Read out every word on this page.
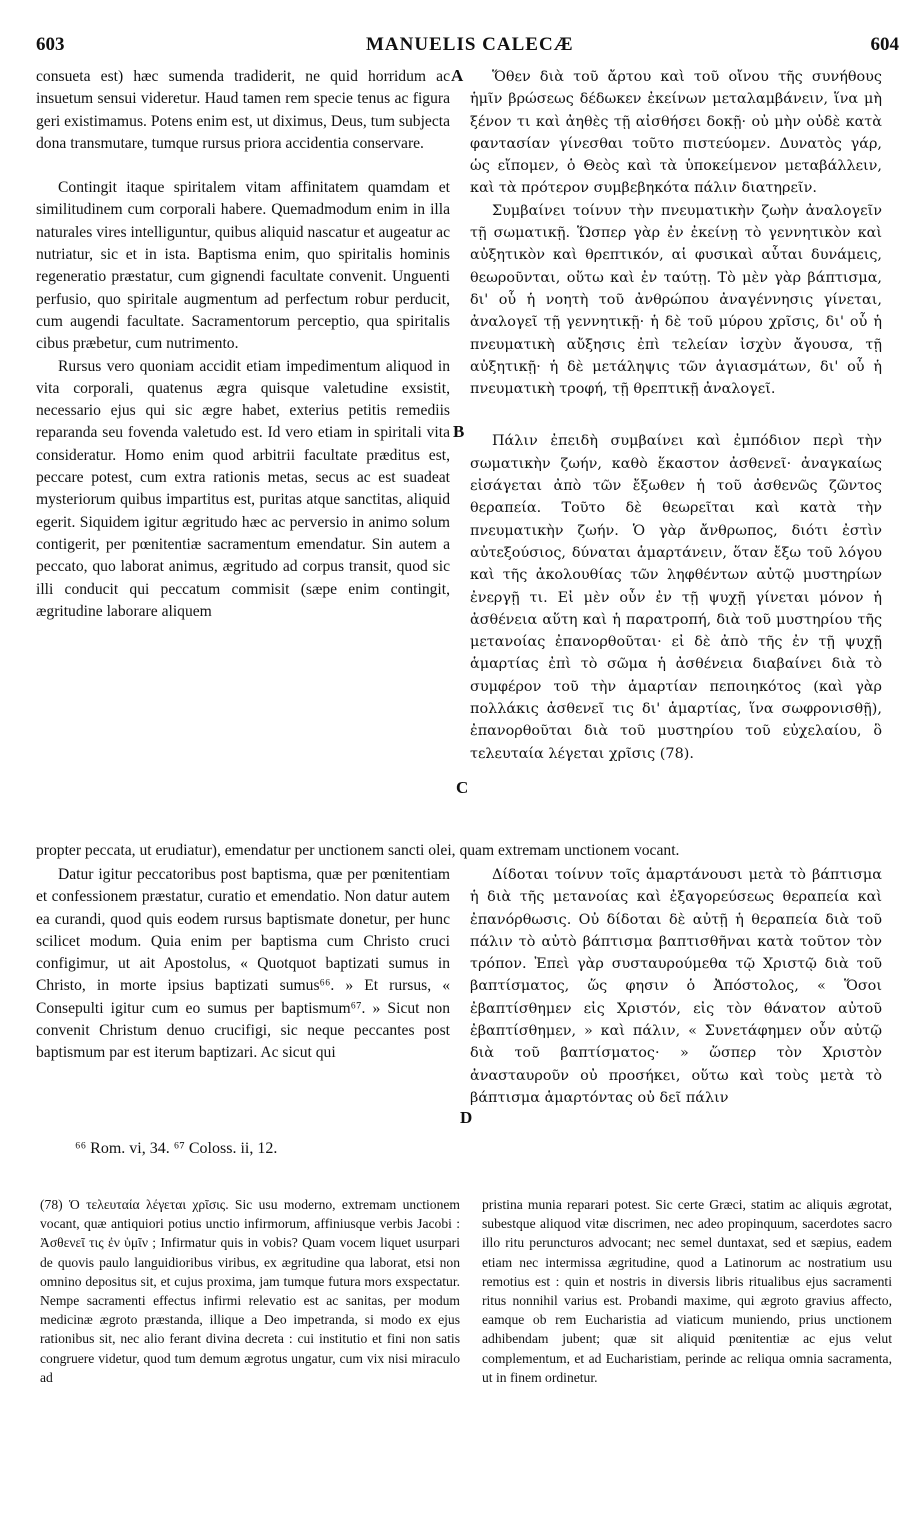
603	MANUELIS CALECÆ	604

consueta est) hæc sumenda tradiderit, ne quid horridum ac insuetum sensui videretur. Haud tamen rem specie tenus ac figura geri existimamus. Potens enim est, ut diximus, Deus, tum subjecta dona transmutare, tumque rursus priora accidentia conservare.

Contingit itaque spiritalem vitam affinitatem quamdam et similitudinem cum corporali habere. Quemadmodum enim in illa naturales vires intelliguntur, quibus aliquid nascatur et augeatur ac nutriatur, sic et in ista. Baptisma enim, quo spiritalis hominis regeneratio præstatur, cum gignendi facultate convenit. Unguenti perfusio, quo spiritale augmentum ad perfectum robur perducit, cum augendi facultate. Sacramentorum perceptio, qua spiritalis cibus præbetur, cum nutrimento.

Rursus vero quoniam accidit etiam impedimentum aliquod in vita corporali, quatenus ægra quisque valetudine exsistit, necessario ejus qui sic ægre habet, exterius petitis remediis reparanda seu fovenda valetudo est. Id vero etiam in spiritali vita consideratur. Homo enim quod arbitrii facultate præditus est, peccare potest, cum extra rationis metas, secus ac est suadeat mysteriorum quibus impartitus est, puritas atque sanctitas, aliquid egerit. Siquidem igitur ægritudo hæc ac perversio in animo solum contigerit, per pœnitentiæ sacramentum emendatur. Sin autem a peccato, quo laborat animus, ægritudo ad corpus transit, quod sic illi conducit qui peccatum commisit (sæpe enim contingit, ægritudine laborare aliquem

Ὅθεν διὰ τοῦ ἄρτου καὶ τοῦ οἴνου τῆς συνήθους ἡμῖν βρώσεως δέδωκεν ἐκείνων μεταλαμβάνειν, ἵνα μὴ ξένον τι καὶ ἀηθὲς τῇ αἰσθήσει δοκῇ· οὐ μὴν οὐδὲ κατὰ φαντασίαν γίνεσθαι τοῦτο πιστεύομεν. Δυνατὸς γάρ, ὡς εἴπομεν, ὁ Θεὸς καὶ τὰ ὑποκείμενον μεταβάλλειν, καὶ τὰ πρότερον συμβεβηκότα πάλιν διατηρεῖν.

Συμβαίνει τοίνυν τὴν πνευματικὴν ζωὴν ἀναλογεῖν τῇ σωματικῇ. Ὥσπερ γὰρ ἐν ἐκείνῃ τὸ γεννητικὸν καὶ αὐξητικὸν καὶ θρεπτικόν, αἱ φυσικαὶ αὗται δυνάμεις, θεωροῦνται, οὕτω καὶ ἐν ταύτῃ. Τὸ μὲν γὰρ βάπτισμα, δι' οὗ ἡ νοητὴ τοῦ ἀνθρώπου ἀναγέννησις γίνεται, ἀναλογεῖ τῇ γεννητικῇ· ἡ δὲ τοῦ μύρου χρῖσις, δι' οὗ ἡ πνευματικὴ αὔξησις ἐπὶ τελείαν ἰσχὺν ἄγουσα, τῇ αὐξητικῇ· ἡ δὲ μετάληψις τῶν ἁγιασμάτων, δι' οὗ ἡ πνευματικὴ τροφή, τῇ θρεπτικῇ ἀναλογεῖ.

Πάλιν ἐπειδὴ συμβαίνει καὶ ἐμπόδιον περὶ τὴν σωματικὴν ζωήν, καθὸ ἕκαστον ἀσθενεῖ· ἀναγκαίως εἰσάγεται ἀπὸ τῶν ἔξωθεν ἡ τοῦ ἀσθενῶς ζῶντος θεραπεία. Τοῦτο δὲ θεωρεῖται καὶ κατὰ τὴν πνευματικὴν ζωήν. Ὁ γὰρ ἄνθρωπος, διότι ἐστὶν αὐτεξούσιος, δύναται ἁμαρτάνειν, ὅταν ἔξω τοῦ λόγου καὶ τῆς ἀκολουθίας τῶν ληφθέντων αὐτῷ μυστηρίων ἐνεργῇ τι. Εἰ μὲν οὖν ἐν τῇ ψυχῇ γίνεται μόνον ἡ ἀσθένεια αὕτη καὶ ἡ παρατροπή, διὰ τοῦ μυστηρίου τῆς μετανοίας ἐπανορθοῦται· εἰ δὲ ἀπὸ τῆς ἐν τῇ ψυχῇ ἁμαρτίας ἐπὶ τὸ σῶμα ἡ ἀσθένεια διαβαίνει διὰ τὸ συμφέρον τοῦ τὴν ἁμαρτίαν πεποιηκότος (καὶ γὰρ πολλάκις ἀσθενεῖ τις δι' ἁμαρτίας, ἵνα σωφρονισθῇ), ἐπανορθοῦται διὰ τοῦ μυστηρίου τοῦ εὐχελαίου, ὃ τελευταία λέγεται χρῖσις (78).

propter peccata, ut erudiatur), emendatur per unctionem sancti olei, quam extremam unctionem vocant.

Datur igitur peccatoribus post baptisma, quæ per pœnitentiam et confessionem præstatur, curatio et emendatio. Non datur autem ea curandi, quod quis eodem rursus baptismate donetur, per hunc scilicet modum. Quia enim per baptisma cum Christo cruci configimur, ut ait Apostolus, « Quotquot baptizati sumus in Christo, in morte ipsius baptizati sumus⁶⁶. » Et rursus, « Consepulti igitur cum eo sumus per baptismum⁶⁷. » Sicut non convenit Christum denuo crucifigi, sic neque peccantes post baptismum par est iterum baptizari. Ac sicut qui

Δίδοται τοίνυν τοῖς ἁμαρτάνουσι μετὰ τὸ βάπτισμα ἡ διὰ τῆς μετανοίας καὶ ἐξαγορεύσεως θεραπεία καὶ ἐπανόρθωσις. Οὐ δίδοται δὲ αὐτῇ ἡ θεραπεία διὰ τοῦ πάλιν τὸ αὐτὸ βάπτισμα βαπτισθῆναι κατὰ τοῦτον τὸν τρόπον. Ἐπεὶ γὰρ συσταυρούμεθα τῷ Χριστῷ διὰ τοῦ βαπτίσματος, ὥς φησιν ὁ Ἀπόστολος, « Ὅσοι ἐβαπτίσθημεν εἰς Χριστόν, εἰς τὸν θάνατον αὐτοῦ ἐβαπτίσθημεν, » καὶ πάλιν, « Συνετάφημεν οὖν αὐτῷ διὰ τοῦ βαπτίσματος· » ὥσπερ τὸν Χριστὸν ἀνασταυροῦν οὐ προσήκει, οὕτω καὶ τοὺς μετὰ τὸ βάπτισμα ἁμαρτόντας οὐ δεῖ πάλιν

A
B
C
D
⁶⁶ Rom. vi, 34. ⁶⁷ Coloss. ii, 12.

(78) Ὁ τελευταία λέγεται χρῖσις. Sic usu moderno, extremam unctionem vocant, quæ antiquiori potius unctio infirmorum, affiniusque verbis Jacobi : Ἀσθενεῖ τις ἐν ὑμῖν ; Infirmatur quis in vobis? Quam vocem liquet usurpari de quovis paulo languidioribus viribus, ex ægritudine qua laborat, etsi non omnino depositus sit, et cujus proxima, jam tumque futura mors exspectatur. Nempe sacramenti effectus infirmi relevatio est ac sanitas, per modum medicinæ ægroto præstanda, illique a Deo impetranda, si modo ex ejus rationibus sit, nec alio ferant divina decreta : cui institutio et fini non satis congruere videtur, quod tum demum ægrotus ungatur, cum vix nisi miraculo ad

pristina munia reparari potest. Sic certe Græci, statim ac aliquis ægrotat, subestque aliquod vitæ discrimen, nec adeo propinquum, sacerdotes sacro illo ritu peruncturos advocant; nec semel duntaxat, sed et sæpius, eadem etiam nec intermissa ægritudine, quod a Latinorum ac nostratium usu remotius est : quin et nostris in diversis libris ritualibus ejus sacramenti ritus nonnihil varius est. Probandi maxime, qui ægroto gravius affecto, eamque ob rem Eucharistia ad viaticum muniendo, prius unctionem adhibendam jubent; quæ sit aliquid pœnitentiæ ac ejus velut complementum, et ad Eucharistiam, perinde ac reliqua omnia sacramenta, ut in finem ordinetur.
